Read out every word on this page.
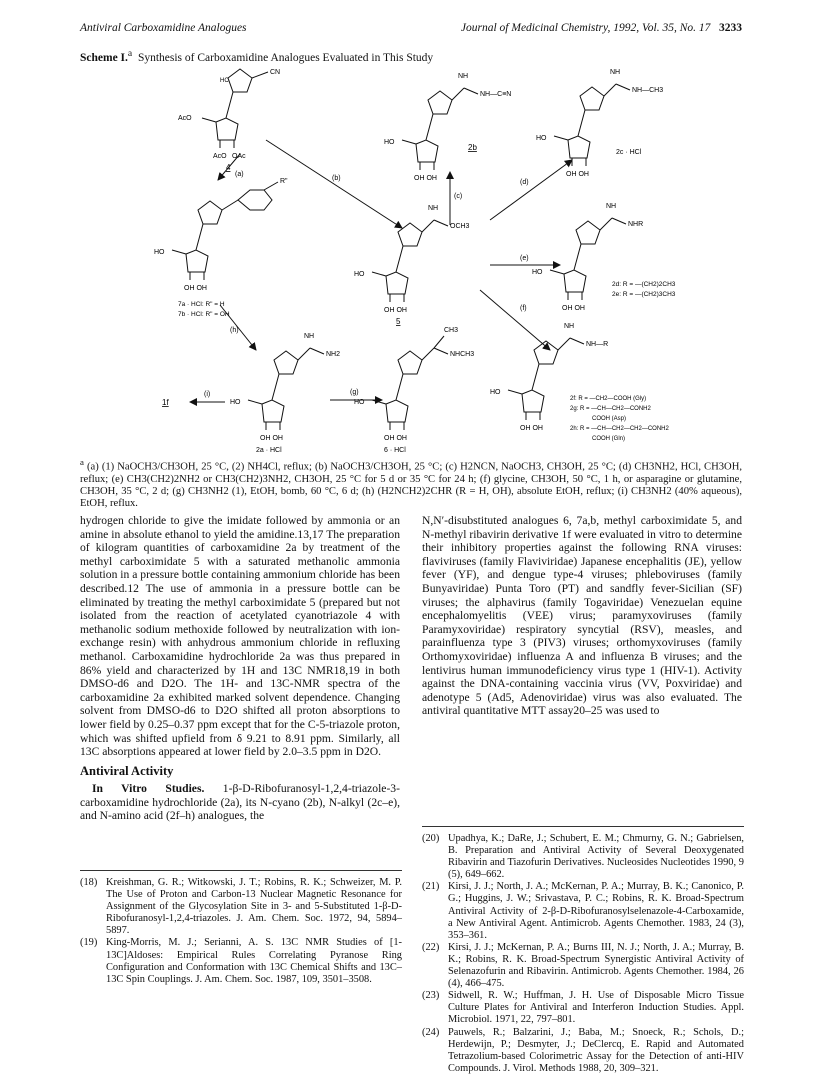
Antiviral Carboxamidine Analogues	Journal of Medicinal Chemistry, 1992, Vol. 35, No. 17 3233
Scheme I.$^a$ Synthesis of Carboxamidine Analogues Evaluated in This Study
CN
HC
AcO
AcO OAc
4
NH
NH—C≡N
HO
OH OH
2b
NH
NH—CH3
HO
OH OH
2c · HCl
R"
HO
OH OH
7a · HCl: R" = H
7b · HCl: R" = OH
NH
OCH3
HO
OH OH
5
NH
NHR
HO
OH OH
2d: R = —(CH2)2CH3
2e: R = —(CH2)3CH3
NH
NH2
HO
OH OH
2a · HCl
CH3
NHCH3
HO
OH OH
6 · HCl
NH
NH—R
HO
OH OH
2f: R = —CH2—COOH (Gly)
2g: R = —CH—CH2—CONH2
COOH (Asp)
2h: R = —CH—CH2—CH2—CONH2
COOH (Gln)
(b)
(c)
(d)
(e)
(f)
(a)
(h)
(g)
(i)
1f
$^a$ (a) (1) NaOCH3/CH3OH, 25 °C, (2) NH4Cl, reflux; (b) NaOCH3/CH3OH, 25 °C; (c) H2NCN, NaOCH3, CH3OH, 25 °C; (d) CH3NH2, HCl, CH3OH, reflux; (e) CH3(CH2)2NH2 or CH3(CH2)3NH2, CH3OH, 25 °C for 5 d or 35 °C for 24 h; (f) glycine, CH3OH, 50 °C, 1 h, or asparagine or glutamine, CH3OH, 35 °C, 2 d; (g) CH3NH2 (1), EtOH, bomb, 60 °C, 6 d; (h) (H2NCH2)2CHR (R = H, OH), absolute EtOH, reflux; (i) CH3NH2 (40% aqueous), EtOH, reflux.

hydrogen chloride to give the imidate followed by ammonia or an amine in absolute ethanol to yield the amidine.13,17 The preparation of kilogram quantities of carboxamidine 2a by treatment of the methyl carboximidate 5 with a saturated methanolic ammonia solution in a pressure bottle containing ammonium chloride has been described.12 The use of ammonia in a pressure bottle can be eliminated by treating the methyl carboximidate 5 (prepared but not isolated from the reaction of acetylated cyanotriazole 4 with methanolic sodium methoxide followed by neutralization with ion-exchange resin) with anhydrous ammonium chloride in refluxing methanol. Carboxamidine hydrochloride 2a was thus prepared in 86% yield and characterized by 1H and 13C NMR18,19 in both DMSO-d6 and D2O. The 1H- and 13C-NMR spectra of the carboxamidine 2a exhibited marked solvent dependence. Changing solvent from DMSO-d6 to D2O shifted all proton absorptions to lower field by 0.25–0.37 ppm except that for the C-5-triazole proton, which was shifted upfield from δ 9.21 to 8.91 ppm. Similarly, all 13C absorptions appeared at lower field by 2.0–3.5 ppm in D2O.

Antiviral Activity

In Vitro Studies. 1-β-D-Ribofuranosyl-1,2,4-triazole-3-carboxamidine hydrochloride (2a), its N-cyano (2b), N-alkyl (2c–e), and N-amino acid (2f–h) analogues, the

N,N′-disubstituted analogues 6, 7a,b, methyl carboximidate 5, and N-methyl ribavirin derivative 1f were evaluated in vitro to determine their inhibitory properties against the following RNA viruses: flaviviruses (family Flaviviridae) Japanese encephalitis (JE), yellow fever (YF), and dengue type-4 viruses; phleboviruses (family Bunyaviridae) Punta Toro (PT) and sandfly fever-Sicilian (SF) viruses; the alphavirus (family Togaviridae) Venezuelan equine encephalomyelitis (VEE) virus; paramyxoviruses (family Paramyxoviridae) respiratory syncytial (RSV), measles, and parainfluenza type 3 (PIV3) viruses; orthomyxoviruses (family Orthomyxoviridae) influenza A and influenza B viruses; and the lentivirus human immunodeficiency virus type 1 (HIV-1). Activity against the DNA-containing vaccinia virus (VV, Poxviridae) and adenotype 5 (Ad5, Adenoviridae) virus was also evaluated. The antiviral quantitative MTT assay20–25 was used to

(18) Kreishman, G. R.; Witkowski, J. T.; Robins, R. K.; Schweizer, M. P. The Use of Proton and Carbon-13 Nuclear Magnetic Resonance for Assignment of the Glycosylation Site in 3- and 5-Substituted 1-β-D-Ribofuranosyl-1,2,4-triazoles. J. Am. Chem. Soc. 1972, 94, 5894–5897.
(19) King-Morris, M. J.; Serianni, A. S. 13C NMR Studies of [1-13C]Aldoses: Empirical Rules Correlating Pyranose Ring Configuration and Conformation with 13C Chemical Shifts and 13C–13C Spin Couplings. J. Am. Chem. Soc. 1987, 109, 3501–3508.
(20) Upadhya, K.; DaRe, J.; Schubert, E. M.; Chmurny, G. N.; Gabrielsen, B. Preparation and Antiviral Activity of Several Deoxygenated Ribavirin and Tiazofurin Derivatives. Nucleosides Nucleotides 1990, 9 (5), 649–662.
(21) Kirsi, J. J.; North, J. A.; McKernan, P. A.; Murray, B. K.; Canonico, P. G.; Huggins, J. W.; Srivastava, P. C.; Robins, R. K. Broad-Spectrum Antiviral Activity of 2-β-D-Ribofuranosylselenazole-4-Carboxamide, a New Antiviral Agent. Antimicrob. Agents Chemother. 1983, 24 (3), 353–361.
(22) Kirsi, J. J.; McKernan, P. A.; Burns III, N. J.; North, J. A.; Murray, B. K.; Robins, R. K. Broad-Spectrum Synergistic Antiviral Activity of Selenazofurin and Ribavirin. Antimicrob. Agents Chemother. 1984, 26 (4), 466–475.
(23) Sidwell, R. W.; Huffman, J. H. Use of Disposable Micro Tissue Culture Plates for Antiviral and Interferon Induction Studies. Appl. Microbiol. 1971, 22, 797–801.
(24) Pauwels, R.; Balzarini, J.; Baba, M.; Snoeck, R.; Schols, D.; Herdewijn, P.; Desmyter, J.; DeClercq, E. Rapid and Automated Tetrazolium-based Colorimetric Assay for the Detection of anti-HIV Compounds. J. Virol. Methods 1988, 20, 309–321.
